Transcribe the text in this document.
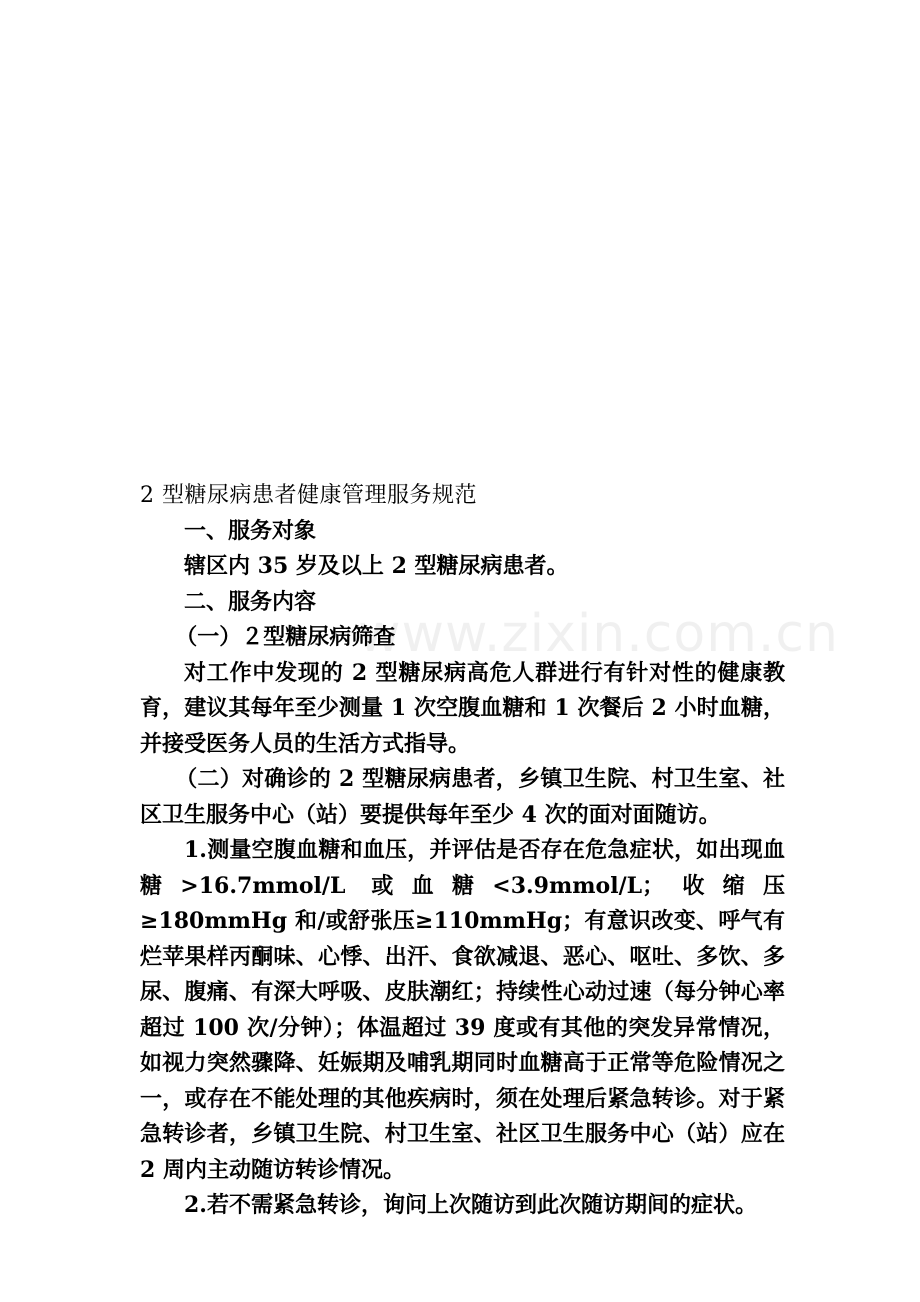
www.zixin.com.cn
2 型糖尿病患者健康管理服务规范

一、服务对象

辖区内 35 岁及以上 2 型糖尿病患者。

二、服务内容

（一）２型糖尿病筛查

对工作中发现的 2 型糖尿病高危人群进行有针对性的健康教育，建议其每年至少测量 1 次空腹血糖和 1 次餐后 2 小时血糖，并接受医务人员的生活方式指导。

（二）对确诊的 2 型糖尿病患者，乡镇卫生院、村卫生室、社区卫生服务中心（站）要提供每年至少 4 次的面对面随访。

1.测量空腹血糖和血压，并评估是否存在危急症状，如出现血糖>16.7mmol/L 或血糖<3.9mmol/L；收缩压≥180mmHg 和/或舒张压≥110mmHg；有意识改变、呼气有烂苹果样丙酮味、心悸、出汗、食欲减退、恶心、呕吐、多饮、多尿、腹痛、有深大呼吸、皮肤潮红；持续性心动过速（每分钟心率超过 100 次/分钟）；体温超过 39 度或有其他的突发异常情况，如视力突然骤降、妊娠期及哺乳期同时血糖高于正常等危险情况之一，或存在不能处理的其他疾病时，须在处理后紧急转诊。对于紧急转诊者，乡镇卫生院、村卫生室、社区卫生服务中心（站）应在 2 周内主动随访转诊情况。

2.若不需紧急转诊，询问上次随访到此次随访期间的症状。
